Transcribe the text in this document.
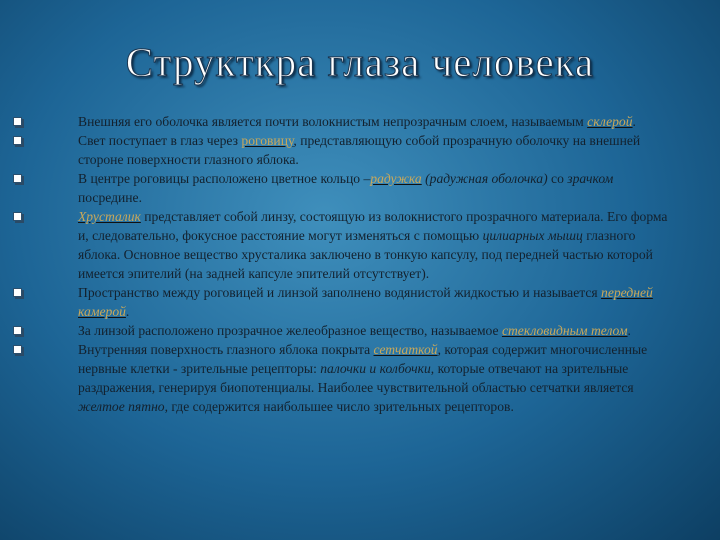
Структкра глаза человека

Внешняя его оболочка является почти волокнистым непрозрачным слоем, называемым склерой.

Свет поступает в глаз через роговицу, представляющую собой прозрачную оболочку на внешней стороне поверхности глазного яблока.

В центре роговицы расположено цветное кольцо –радужка (радужная оболочка) со зрачком посредине.

Хрусталик представляет собой линзу, состоящую из волокнистого прозрачного материала. Его форма и, следовательно, фокусное расстояние могут изменяться с помощью цилиарных мышц глазного яблока. Основное вещество хрусталика заключено в тонкую капсулу, под передней частью которой имеется эпителий (на задней капсуле эпителий отсутствует).

Пространство между роговицей и линзой заполнено водянистой жидкостью и называется передней камерой.

За линзой расположено прозрачное желеобразное вещество, называемое стекловидным телом.

Внутренняя поверхность глазного яблока покрыта сетчаткой, которая содержит многочисленные нервные клетки - зрительные рецепторы: палочки и колбочки, которые отвечают на зрительные раздражения, генерируя биопотенциалы. Наиболее чувствительной областью сетчатки является желтое пятно, где содержится наибольшее число зрительных рецепторов.
